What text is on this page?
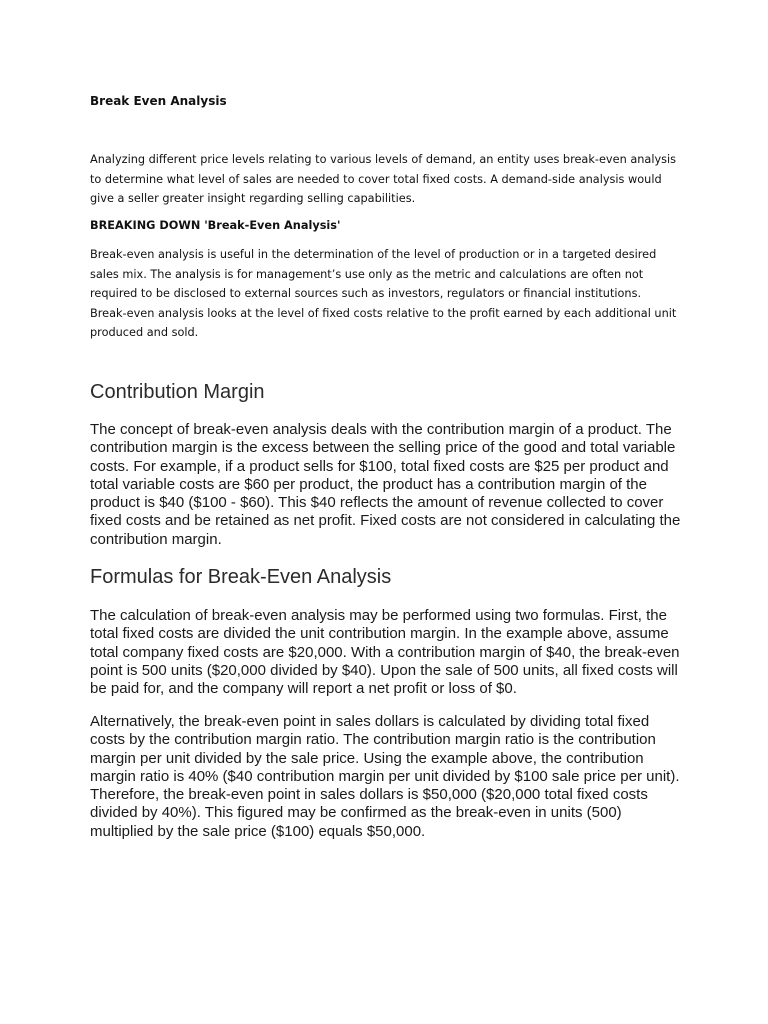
Break Even Analysis

Analyzing different price levels relating to various levels of demand, an entity uses break-even analysis to determine what level of sales are needed to cover total fixed costs. A demand-side analysis would give a seller greater insight regarding selling capabilities.

BREAKING DOWN 'Break-Even Analysis'

Break-even analysis is useful in the determination of the level of production or in a targeted desired sales mix. The analysis is for management’s use only as the metric and calculations are often not required to be disclosed to external sources such as investors, regulators or financial institutions. Break-even analysis looks at the level of fixed costs relative to the profit earned by each additional unit produced and sold.

Contribution Margin

The concept of break-even analysis deals with the contribution margin of a product. The contribution margin is the excess between the selling price of the good and total variable costs. For example, if a product sells for $100, total fixed costs are $25 per product and total variable costs are $60 per product, the product has a contribution margin of the product is $40 ($100 - $60). This $40 reflects the amount of revenue collected to cover fixed costs and be retained as net profit. Fixed costs are not considered in calculating the contribution margin.

Formulas for Break-Even Analysis

The calculation of break-even analysis may be performed using two formulas. First, the total fixed costs are divided the unit contribution margin. In the example above, assume total company fixed costs are $20,000. With a contribution margin of $40, the break-even point is 500 units ($20,000 divided by $40). Upon the sale of 500 units, all fixed costs will be paid for, and the company will report a net profit or loss of $0.

Alternatively, the break-even point in sales dollars is calculated by dividing total fixed costs by the contribution margin ratio. The contribution margin ratio is the contribution margin per unit divided by the sale price. Using the example above, the contribution margin ratio is 40% ($40 contribution margin per unit divided by $100 sale price per unit). Therefore, the break-even point in sales dollars is $50,000 ($20,000 total fixed costs divided by 40%). This figured may be confirmed as the break-even in units (500) multiplied by the sale price ($100) equals $50,000.
